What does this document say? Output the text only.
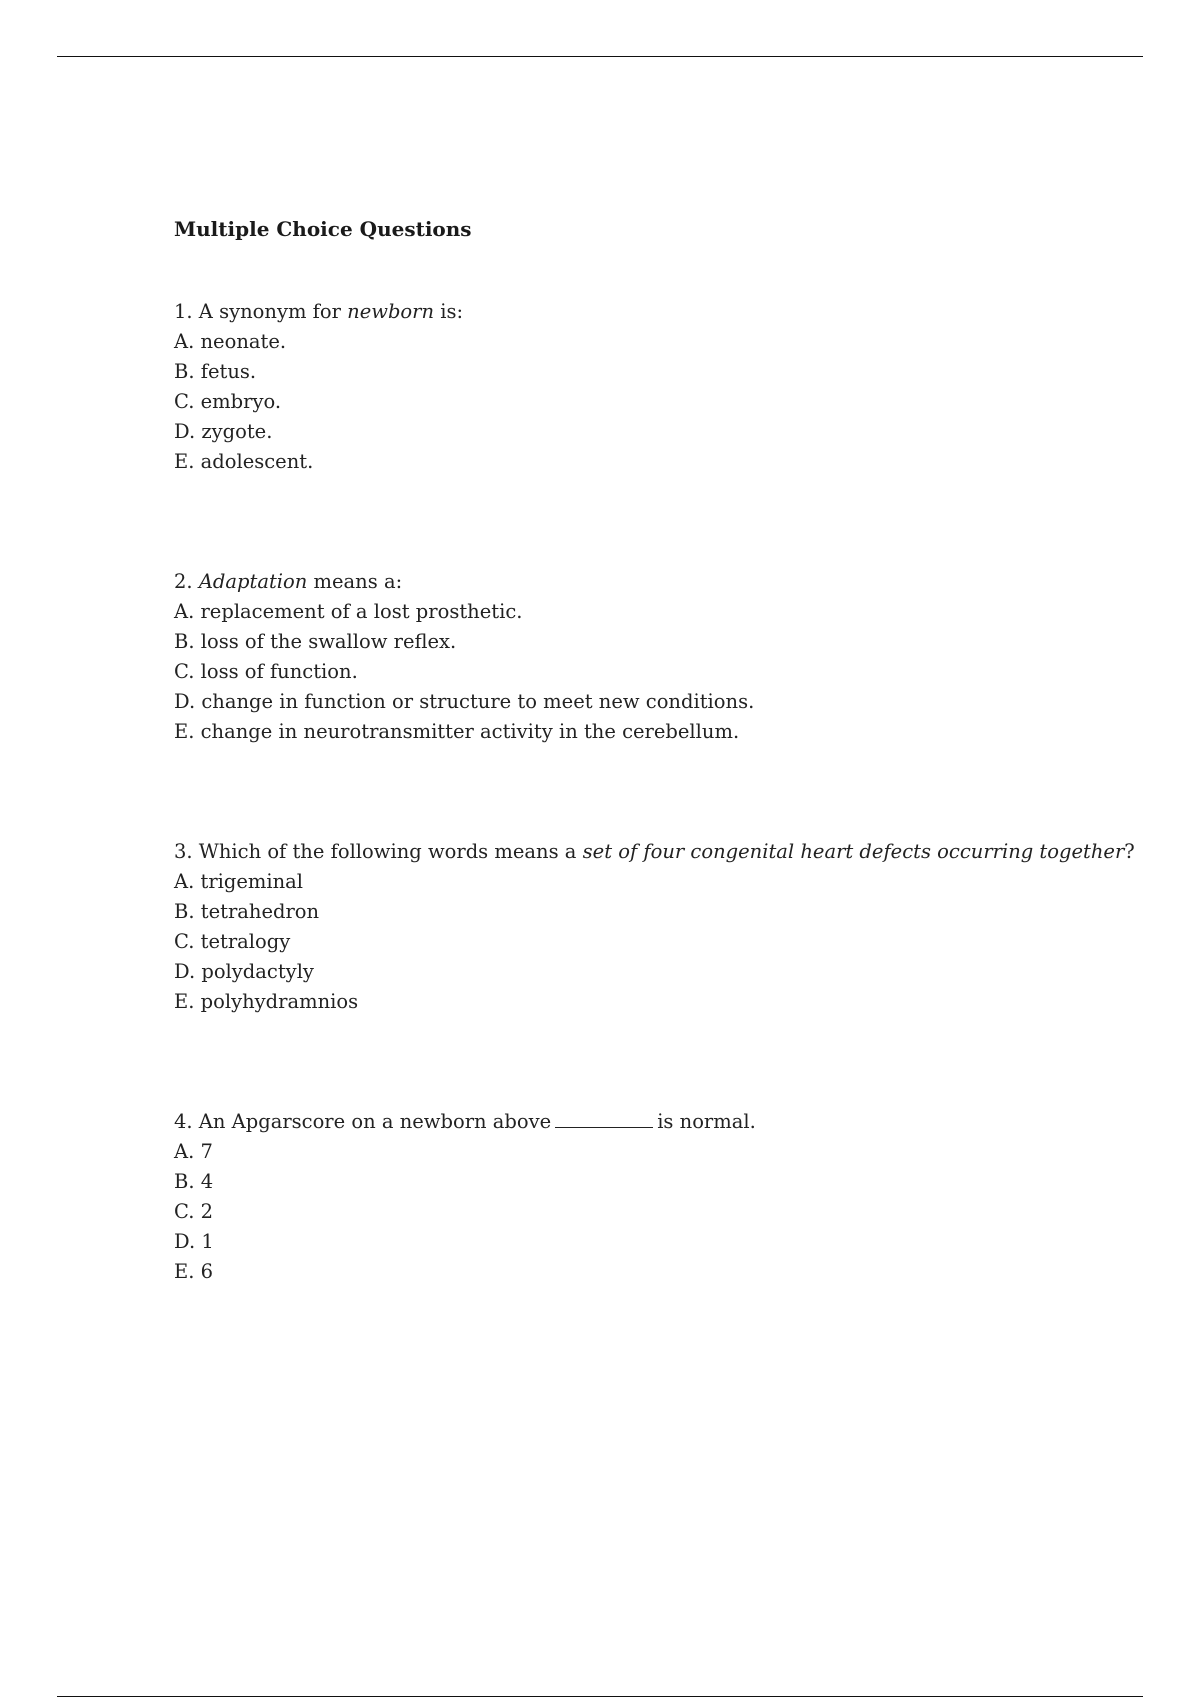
Multiple Choice Questions
1. A synonym for newborn is:
A. neonate.
B. fetus.
C. embryo.
D. zygote.
E. adolescent.
2. Adaptation means a:
A. replacement of a lost prosthetic.
B. loss of the swallow reflex.
C. loss of function.
D. change in function or structure to meet new conditions.
E. change in neurotransmitter activity in the cerebellum.
3. Which of the following words means a set of four congenital heart defects occurring together?
A. trigeminal
B. tetrahedron
C. tetralogy
D. polydactyly
E. polyhydramnios
4. An Apgarscore on a newborn above	is normal.
A. 7
B. 4
C. 2
D. 1
E. 6
